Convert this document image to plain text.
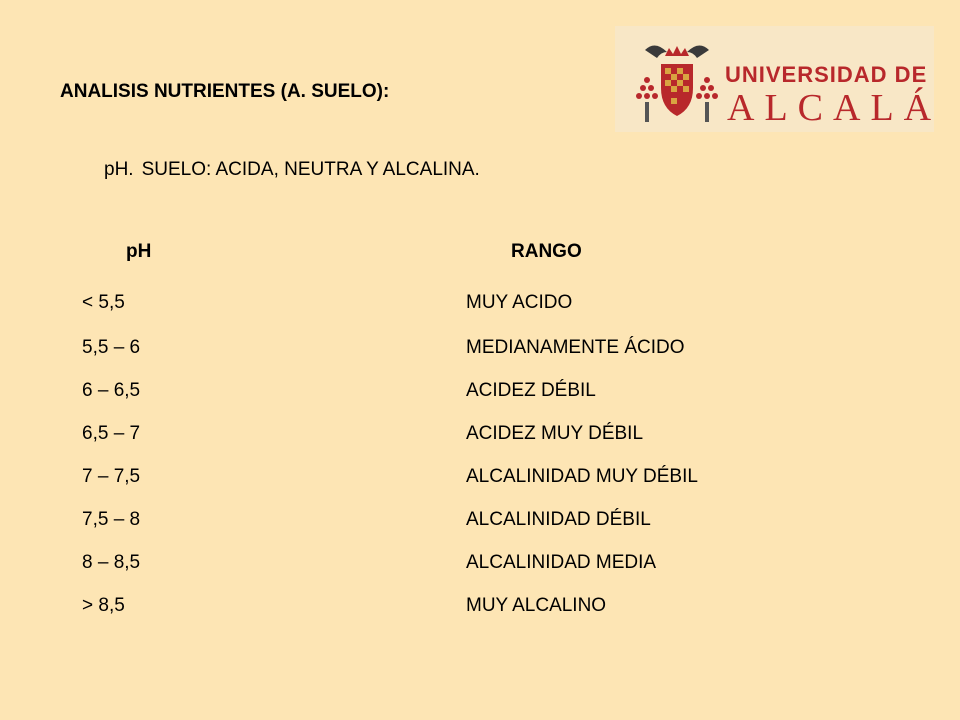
ANALISIS NUTRIENTES (A. SUELO):
pH. SUELO: ACIDA, NEUTRA Y ALCALINA.
UNIVERSIDAD DE
ALCALÁ
pH	RANGO
< 5,5	MUY ACIDO
5,5 – 6	MEDIANAMENTE ÁCIDO
6 – 6,5	ACIDEZ DÉBIL
6,5 – 7	ACIDEZ MUY DÉBIL
7 – 7,5	ALCALINIDAD MUY DÉBIL
7,5 – 8	ALCALINIDAD DÉBIL
8 – 8,5	ALCALINIDAD MEDIA
> 8,5	MUY ALCALINO
